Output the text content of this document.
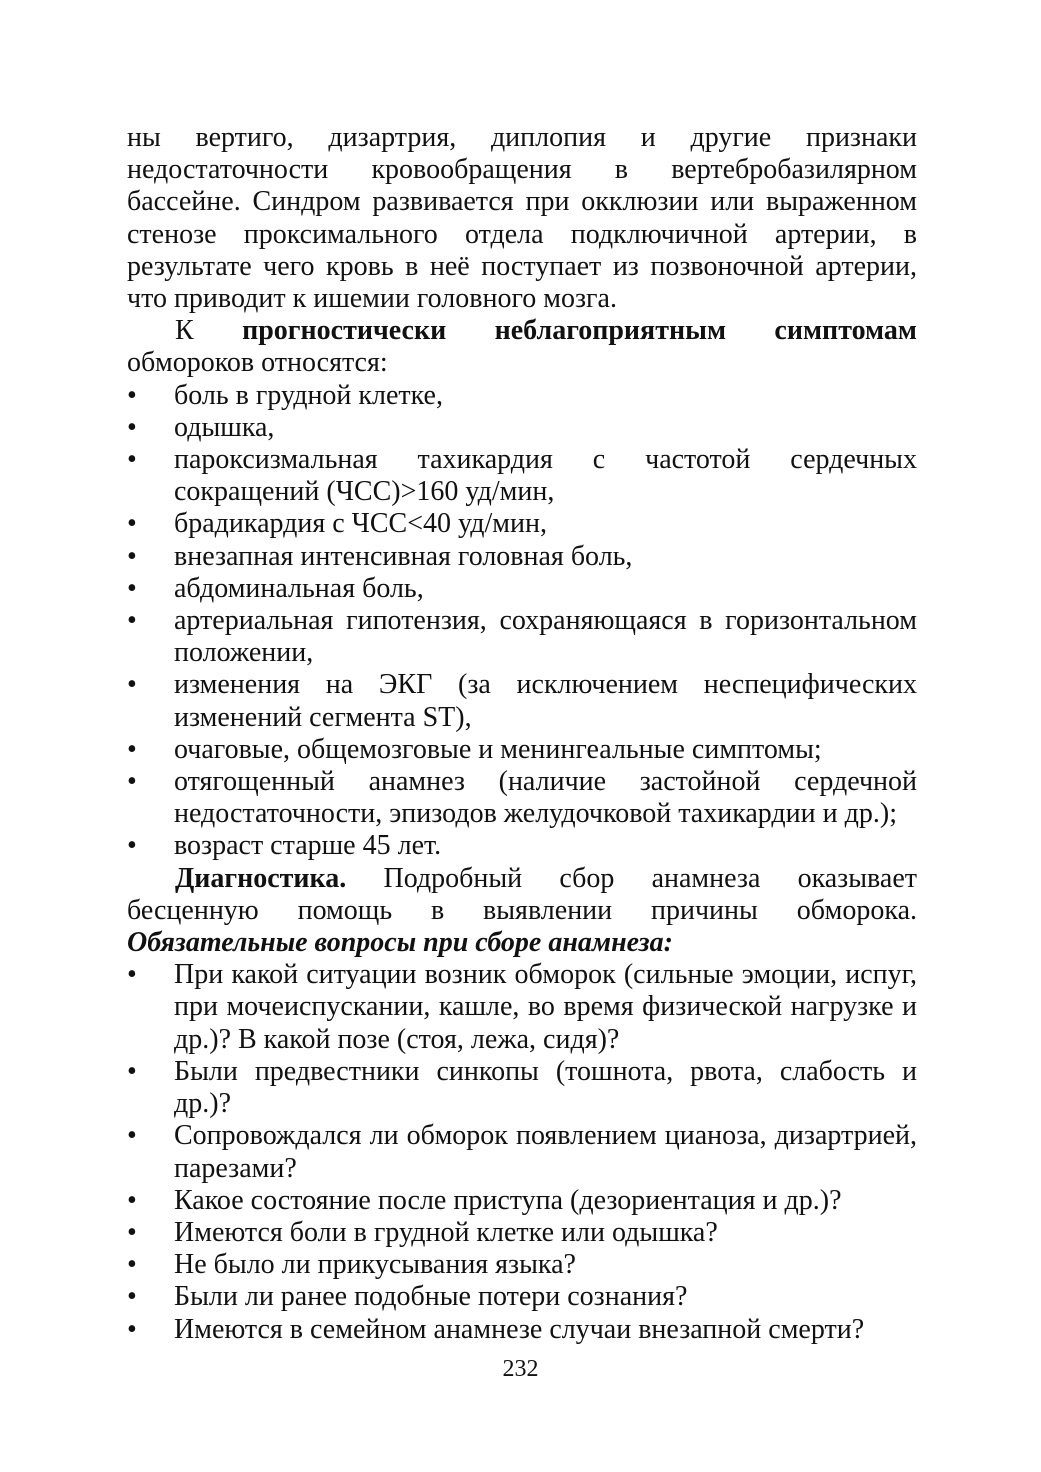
ны вертиго, дизартрия, диплопия и другие признаки недостаточности кровообращения в вертебробазилярном бассейне. Синдром развивается при окклюзии или выраженном стенозе проксимального отдела подключичной артерии, в результате чего кровь в неё поступает из позвоночной артерии, что приводит к ишемии головного мозга.

К прогностически неблагоприятным симптомам обмороков относятся:

• боль в грудной клетке,
• одышка,
• пароксизмальная тахикардия с частотой сердечных сокращений (ЧСС)>160 уд/мин,
• брадикардия с ЧСС<40 уд/мин,
• внезапная интенсивная головная боль,
• абдоминальная боль,
• артериальная гипотензия, сохраняющаяся в горизонтальном положении,
• изменения на ЭКГ (за исключением неспецифических изменений сегмента ST),
• очаговые, общемозговые и менингеальные симптомы;
• отягощенный анамнез (наличие застойной сердечной недостаточности, эпизодов желудочковой тахикардии и др.);
• возраст старше 45 лет.

Диагностика. Подробный сбор анамнеза оказывает бесценную помощь в выявлении причины обморока. Обязательные вопросы при сборе анамнеза:

• При какой ситуации возник обморок (сильные эмоции, испуг, при мочеиспускании, кашле, во время физической нагрузке и др.)? В какой позе (стоя, лежа, сидя)?
• Были предвестники синкопы (тошнота, рвота, слабость и др.)?
• Сопровождался ли обморок появлением цианоза, дизартрией, парезами?
• Какое состояние после приступа (дезориентация и др.)?
• Имеются боли в грудной клетке или одышка?
• Не было ли прикусывания языка?
• Были ли ранее подобные потери сознания?
• Имеются в семейном анамнезе случаи внезапной смерти?
232
